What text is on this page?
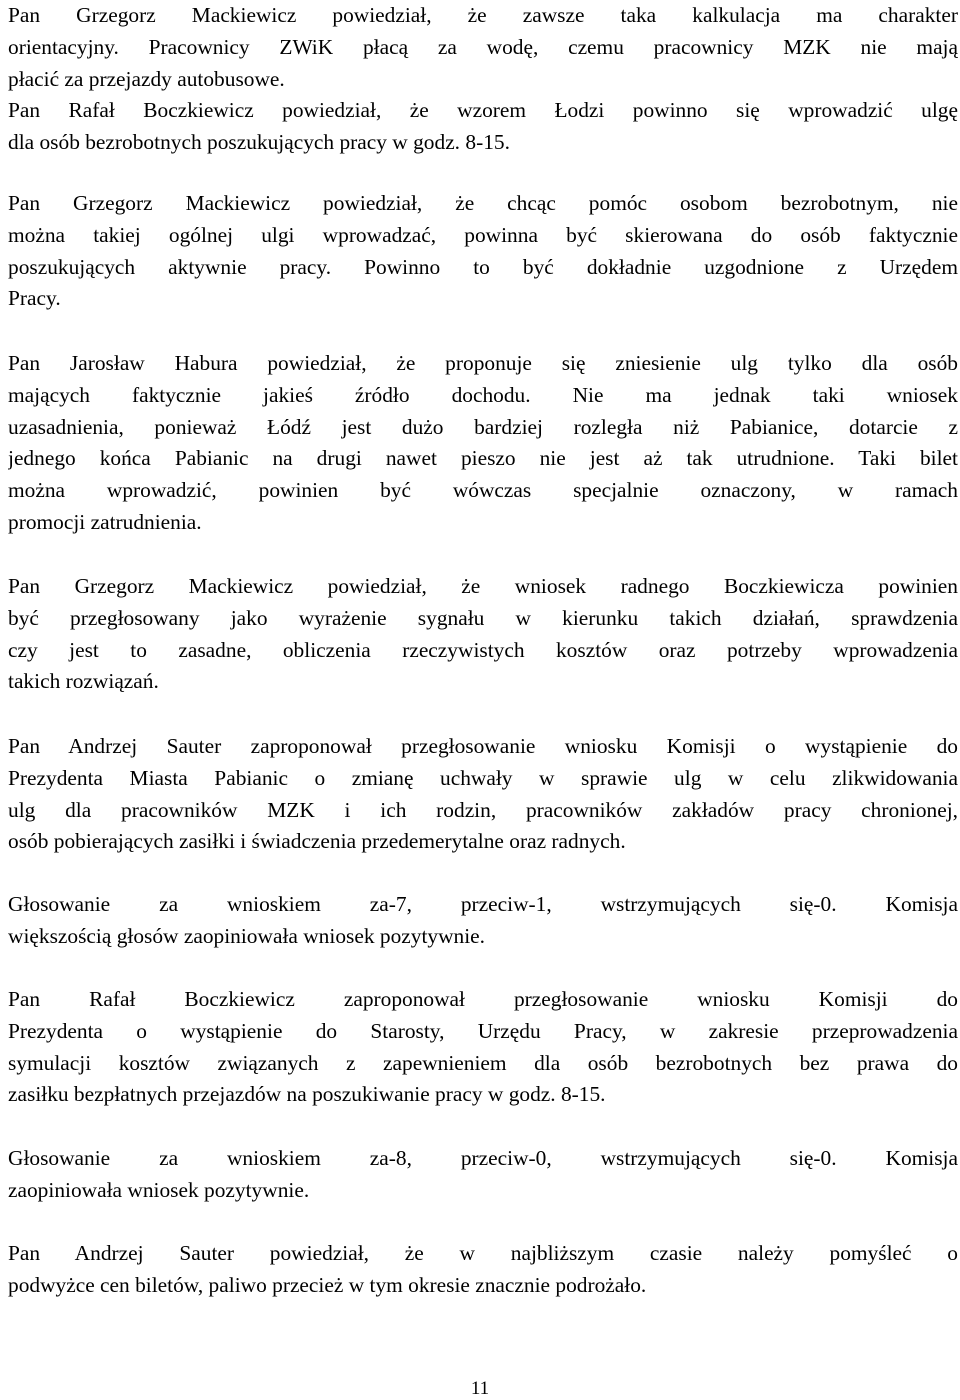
Pan Grzegorz Mackiewicz powiedział, że zawsze taka kalkulacja ma charakter
orientacyjny. Pracownicy ZWiK płacą za wodę, czemu pracownicy MZK nie mają
płacić za przejazdy autobusowe.
Pan Rafał Boczkiewicz powiedział, że wzorem Łodzi powinno się wprowadzić ulgę
dla osób bezrobotnych poszukujących pracy w godz. 8-15.

Pan Grzegorz Mackiewicz powiedział, że chcąc pomóc osobom bezrobotnym, nie
można takiej ogólnej ulgi wprowadzać, powinna być skierowana do osób faktycznie
poszukujących aktywnie pracy. Powinno to być dokładnie uzgodnione z Urzędem
Pracy.

Pan Jarosław Habura powiedział, że proponuje się zniesienie ulg tylko dla osób
mających faktycznie jakieś źródło dochodu. Nie ma jednak taki wniosek
uzasadnienia, ponieważ Łódź jest dużo bardziej rozległa niż Pabianice, dotarcie z
jednego końca Pabianic na drugi nawet pieszo nie jest aż tak utrudnione. Taki bilet
można wprowadzić, powinien być wówczas specjalnie oznaczony, w ramach
promocji zatrudnienia.

Pan Grzegorz Mackiewicz powiedział, że wniosek radnego Boczkiewicza powinien
być przegłosowany jako wyrażenie sygnału w kierunku takich działań, sprawdzenia
czy jest to zasadne, obliczenia rzeczywistych kosztów oraz potrzeby wprowadzenia
takich rozwiązań.

Pan Andrzej Sauter zaproponował przegłosowanie wniosku Komisji o wystąpienie do
Prezydenta Miasta Pabianic o zmianę uchwały w sprawie ulg w celu zlikwidowania
ulg dla pracowników MZK i ich rodzin, pracowników zakładów pracy chronionej,
osób pobierających zasiłki i świadczenia przedemerytalne oraz radnych.

Głosowanie za wnioskiem za-7, przeciw-1, wstrzymujących się-0. Komisja
większością głosów zaopiniowała wniosek pozytywnie.

Pan Rafał Boczkiewicz zaproponował przegłosowanie wniosku Komisji do
Prezydenta o wystąpienie do Starosty, Urzędu Pracy, w zakresie przeprowadzenia
symulacji kosztów związanych z zapewnieniem dla osób bezrobotnych bez prawa do
zasiłku bezpłatnych przejazdów na poszukiwanie pracy w godz. 8-15.

Głosowanie za wnioskiem za-8, przeciw-0, wstrzymujących się-0. Komisja
zaopiniowała wniosek pozytywnie.

Pan Andrzej Sauter powiedział, że w najbliższym czasie należy pomyśleć o
podwyżce cen biletów, paliwo przecież w tym okresie znacznie podrożało.

11
